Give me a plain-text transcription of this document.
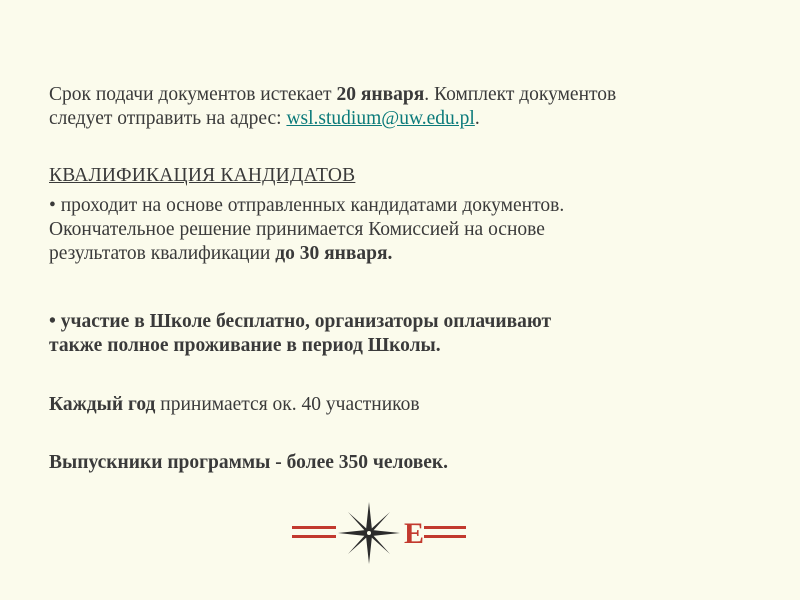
Срок подачи документов истекает 20 января. Комплект документов
следует отправить на адрес: wsl.studium@uw.edu.pl.
КВАЛИФИКАЦИЯ КАНДИДАТОВ
• проходит на основе отправленных кандидатами документов.
Окончательное решение принимается Комиссией на основе
результатов квалификации до 30 января.
• участие в Школе бесплатно, организаторы оплачивают
также полное проживание в период Школы.
Каждый год принимается ок. 40 участников
Выпускники программы - более 350 человек.
E
